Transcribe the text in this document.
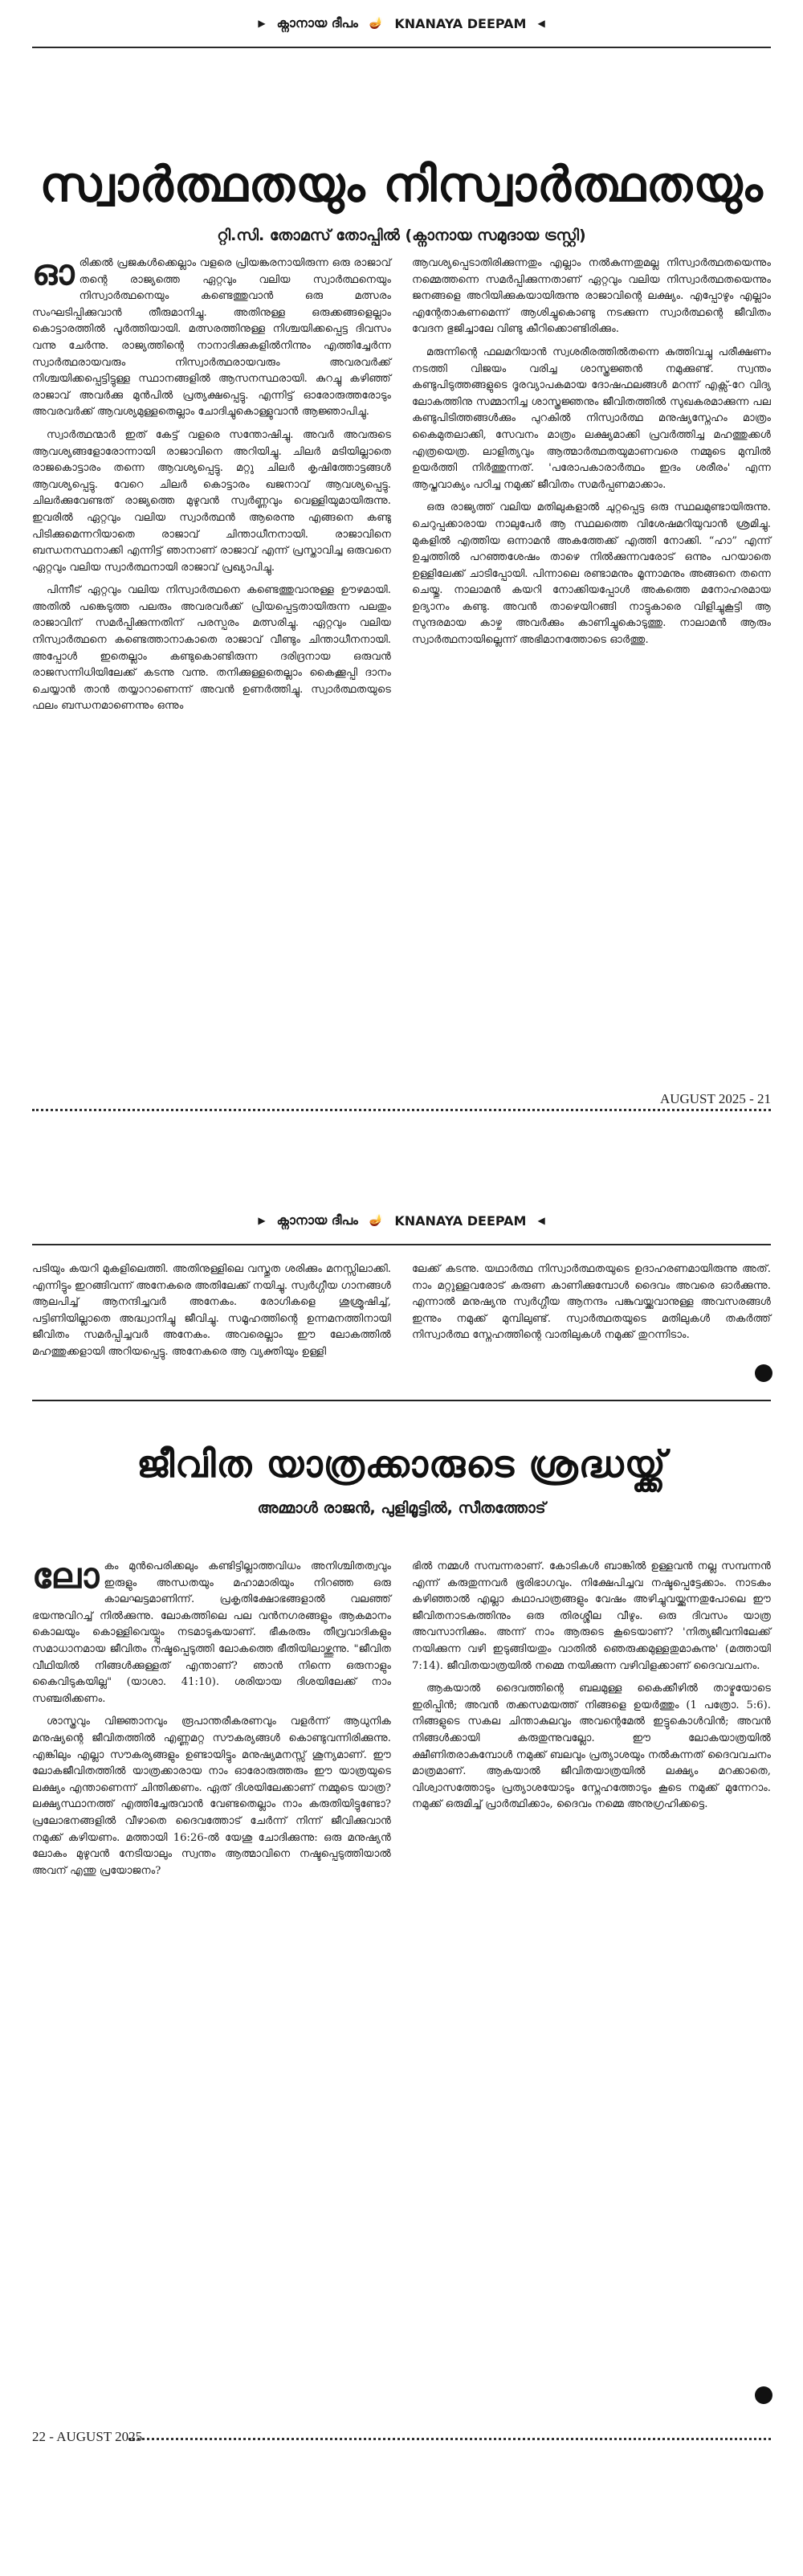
▶ ക്നാനായ ദീപം 🪔 KNANAYA DEEPAM ◀
സ്വാർത്ഥതയും നിസ്വാർത്ഥതയും
റ്റി.സി. തോമസ് തോപ്പിൽ (ക്നാനായ സമുദായ ട്രസ്റ്റി)

ഓരിക്കൽ പ്രജകൾക്കെല്ലാം വളരെ പ്രിയങ്കരനായിരുന്ന ഒരു രാജാവ് തന്റെ രാജ്യത്തെ ഏറ്റവും വലിയ സ്വാർത്ഥനെയും നിസ്വാർത്ഥനെയും കണ്ടെത്തുവാൻ ഒരു മത്സരം സംഘടിപ്പിക്കുവാൻ തീരുമാനിച്ചു. അതിനുള്ള ഒരുക്കങ്ങളെല്ലാം കൊട്ടാരത്തിൽ പൂർത്തിയായി. മത്സരത്തിനുള്ള നിശ്ചയിക്കപ്പെട്ട ദിവസം വന്നു ചേർന്നു. രാജ്യത്തിന്റെ നാനാദിക്കുകളിൽനിന്നും എത്തിച്ചേർന്ന സ്വാർത്ഥരായവരും നിസ്വാർത്ഥരായവരും അവരവർക്ക് നിശ്ചയിക്കപ്പെട്ടിട്ടുള്ള സ്ഥാനങ്ങളിൽ ആസനസ്ഥരായി. കുറച്ചു കഴിഞ്ഞ് രാജാവ് അവർക്കു മുൻപിൽ പ്രത്യക്ഷപ്പെട്ടു. എന്നിട്ട് ഓരോരുത്തരോടും അവരവർക്ക് ആവശ്യമുള്ളതെല്ലാം ചോദിച്ചുകൊള്ളുവാൻ ആജ്ഞാപിച്ചു.

സ്വാർത്ഥന്മാർ ഇത് കേട്ട് വളരെ സന്തോഷിച്ചു. അവർ അവരുടെ ആവശ്യങ്ങളോരോന്നായി രാജാവിനെ അറിയിച്ചു. ചിലർ മടിയില്ലാതെ രാജകൊട്ടാരം തന്നെ ആവശ്യപ്പെട്ടു. മറ്റു ചിലർ കൃഷിത്തോട്ടങ്ങൾ ആവശ്യപ്പെട്ടു. വേറെ ചിലർ കൊട്ടാരം ഖജനാവ് ആവശ്യപ്പെട്ടു. ചിലർക്കുവേണ്ടത് രാജ്യത്തെ മുഴുവൻ സ്വർണ്ണവും വെള്ളിയുമായിരുന്നു. ഇവരിൽ ഏറ്റവും വലിയ സ്വാർത്ഥൻ ആരെന്നു എങ്ങനെ കണ്ടു പിടിക്കുമെന്നറിയാതെ രാജാവ് ചിന്താധീനനായി. രാജാവിനെ ബന്ധനസ്ഥനാക്കി എന്നിട്ട് ഞാനാണ് രാജാവ് എന്ന് പ്രസ്താവിച്ച ഒരുവനെ ഏറ്റവും വലിയ സ്വാർത്ഥനായി രാജാവ് പ്രഖ്യാപിച്ചു.

പിന്നീട് ഏറ്റവും വലിയ നിസ്വാർത്ഥനെ കണ്ടെത്തുവാനുള്ള ഊഴമായി. അതിൽ പങ്കെടുത്ത പലരും അവരവർക്ക് പ്രിയപ്പെട്ടതായിരുന്ന പലതും രാജാവിന് സമർപ്പിക്കുന്നതിന് പരസ്പരം മത്സരിച്ചു. ഏറ്റവും വലിയ നിസ്വാർത്ഥനെ കണ്ടെത്താനാകാതെ രാജാവ് വീണ്ടും ചിന്താധീനനായി. അപ്പോൾ ഇതെല്ലാം കണ്ടുകൊണ്ടിരുന്ന ദരിദ്രനായ ഒരുവൻ രാജസന്നിധിയിലേക്ക് കടന്നു വന്നു. തനിക്കുള്ളതെല്ലാം കൈക്കൂപ്പി ദാനം ചെയ്യാൻ താൻ തയ്യാറാണെന്ന് അവൻ ഉണർത്തിച്ചു. സ്വാർത്ഥതയുടെ ഫലം ബന്ധനമാണെന്നും ഒന്നും

ആവശ്യപ്പെടാതിരിക്കുന്നതും എല്ലാം നൽകുന്നതുമല്ല നിസ്വാർത്ഥതയെന്നും നമ്മെത്തന്നെ സമർപ്പിക്കുന്നതാണ് ഏറ്റവും വലിയ നിസ്വാർത്ഥതയെന്നും ജനങ്ങളെ അറിയിക്കുകയായിരുന്നു രാജാവിന്റെ ലക്ഷ്യം. എപ്പോഴും എല്ലാം എന്റേതാകണമെന്ന് ആശിച്ചുകൊണ്ടു നടക്കുന്ന സ്വാർത്ഥന്റെ ജീവിതം വേദന ഭുജിച്ചാലേ വിണ്ടു കീറിക്കൊണ്ടിരിക്കും.

മരുന്നിന്റെ ഫലമറിയാൻ സ്വശരീരത്തിൽതന്നെ കുത്തിവച്ചു പരീക്ഷണം നടത്തി വിജയം വരിച്ച ശാസ്ത്രജ്ഞൻ നമുക്കുണ്ട്. സ്വന്തം കണ്ടുപിടുത്തങ്ങളുടെ ദൂരവ്യാപകമായ ദോഷഫലങ്ങൾ മറന്ന് എക്സ്-റേ വിദ്യ ലോകത്തിനു സമ്മാനിച്ച ശാസ്ത്രജ്ഞനും ജീവിതത്തിൽ സുഖകരമാക്കുന്ന പല കണ്ടുപിടിത്തങ്ങൾക്കും പുറകിൽ നിസ്വാർത്ഥ മനുഷ്യസ്നേഹം മാത്രം കൈമുതലാക്കി, സേവനം മാത്രം ലക്ഷ്യമാക്കി പ്രവർത്തിച്ച മഹത്തുക്കൾ എത്രയെത്ര. ലാളിത്യവും ആത്മാർത്ഥതയുമാണവരെ നമ്മുടെ മുമ്പിൽ ഉയർത്തി നിർത്തുന്നത്. 'പരോപകാരാർത്ഥം ഇദം ശരീരം' എന്ന ആപ്തവാക്യം പഠിച്ച നമുക്ക് ജീവിതം സമർപ്പണമാക്കാം.

ഒരു രാജ്യത്ത് വലിയ മതിലുകളാൽ ചുറ്റപ്പെട്ട ഒരു സ്ഥലമുണ്ടായിരുന്നു. ചെറുപ്പക്കാരായ നാലുപേർ ആ സ്ഥലത്തെ വിശേഷമറിയുവാൻ ശ്രമിച്ചു. മുകളിൽ എത്തിയ ഒന്നാമൻ അകത്തേക്ക് എത്തി നോക്കി. “ഹാ” എന്ന് ഉച്ചത്തിൽ പറഞ്ഞശേഷം താഴെ നിൽക്കുന്നവരോട് ഒന്നും പറയാതെ ഉള്ളിലേക്ക് ചാടിപ്പോയി. പിന്നാലെ രണ്ടാമനും മൂന്നാമനും അങ്ങനെ തന്നെ ചെയ്തു. നാലാമൻ കയറി നോക്കിയപ്പോൾ അകത്തെ മനോഹരമായ ഉദ്യാനം കണ്ടു. അവൻ താഴെയിറങ്ങി നാട്ടുകാരെ വിളിച്ചുകൂട്ടി ആ സുന്ദരമായ കാഴ്ച അവർക്കും കാണിച്ചുകൊടുത്തു. നാലാമൻ ആരും സ്വാർത്ഥനായില്ലെന്ന് അഭിമാനത്തോടെ ഓർത്തു.

AUGUST 2025 - 21
▶ ക്നാനായ ദീപം 🪔 KNANAYA DEEPAM ◀

പടിയും കയറി മുകളിലെത്തി. അതിനുള്ളിലെ വസ്തുത ശരിക്കും മനസ്സിലാക്കി. എന്നിട്ടും ഇറങ്ങിവന്ന് അനേകരെ അതിലേക്ക് നയിച്ചു. സ്വർഗ്ഗീയ ഗാനങ്ങൾ ആലപിച്ച് ആനന്ദിച്ചവർ അനേകം. രോഗികളെ ശുശ്രൂഷിച്ച്, പട്ടിണിയില്ലാതെ അദ്ധ്വാനിച്ചു ജീവിച്ചു. സമൂഹത്തിന്റെ ഉന്നമനത്തിനായി ജീവിതം സമർപ്പിച്ചവർ അനേകം. അവരെല്ലാം ഈ ലോകത്തിൽ മഹത്തുക്കളായി അറിയപ്പെട്ടു. അനേകരെ ആ വ്യക്തിയും ഉള്ളി

ലേക്ക് കടന്നു. യഥാർത്ഥ നിസ്വാർത്ഥതയുടെ ഉദാഹരണമായിരുന്നു അത്. നാം മറ്റുള്ളവരോട് കരുണ കാണിക്കുമ്പോൾ ദൈവം അവരെ ഓർക്കുന്നു. എന്നാൽ മനുഷ്യനു സ്വർഗ്ഗീയ ആനന്ദം പങ്കുവയ്ക്കുവാനുള്ള അവസരങ്ങൾ ഇന്നും നമുക്ക് മുമ്പിലുണ്ട്. സ്വാർത്ഥതയുടെ മതിലുകൾ തകർത്ത് നിസ്വാർത്ഥ സ്നേഹത്തിന്റെ വാതിലുകൾ നമുക്ക് തുറന്നിടാം.

ജീവിത യാത്രക്കാരുടെ ശ്രദ്ധയ്ക്ക്
അമ്മാൾ രാജൻ, പുളിമൂട്ടിൽ, സീതത്തോട്

ലോകം മുൻപെരിക്കലും കണ്ടിട്ടില്ലാത്തവിധം അനിശ്ചിതത്വവും ഇരുളും അന്ധതയും മഹാമാരിയും നിറഞ്ഞ ഒരു കാലഘട്ടമാണിന്ന്. പ്രകൃതിക്ഷോഭങ്ങളാൽ വലഞ്ഞ് ഭയന്നുവിറച്ച് നിൽക്കുന്നു. ലോകത്തിലെ പല വൻനഗരങ്ങളും ആകമാനം കൊലയും കൊള്ളിവെയ്പ്പും നടമാടുകയാണ്. ഭീകരരും തീവ്രവാദികളും സമാധാനമായ ജീവിതം നഷ്ടപ്പെടുത്തി ലോകത്തെ ഭീതിയിലാഴ്ത്തുന്നു. "ജീവിത വീഥിയിൽ നിങ്ങൾക്കുള്ളത് എന്താണ്? ഞാൻ നിന്നെ ഒരുനാളും കൈവിടുകയില്ല" (യാശാ. 41:10). ശരിയായ ദിശയിലേക്ക് നാം സഞ്ചരിക്കണം.

ശാസ്ത്രവും വിജ്ഞാനവും രൂപാന്തരീകരണവും വളർന്ന് ആധുനിക മനുഷ്യന്റെ ജീവിതത്തിൽ എണ്ണമറ്റ സൗകര്യങ്ങൾ കൊണ്ടുവന്നിരിക്കുന്നു. എങ്കിലും എല്ലാ സൗകര്യങ്ങളും ഉണ്ടായിട്ടും മനുഷ്യമനസ്സ് ശൂന്യമാണ്. ഈ ലോകജീവിതത്തിൽ യാത്രക്കാരായ നാം ഓരോരുത്തരും ഈ യാത്രയുടെ ലക്ഷ്യം എന്താണെന്ന് ചിന്തിക്കണം. ഏത് ദിശയിലേക്കാണ് നമ്മുടെ യാത്ര? ലക്ഷ്യസ്ഥാനത്ത് എത്തിച്ചേരുവാൻ വേണ്ടതെല്ലാം നാം കരുതിയിട്ടുണ്ടോ? പ്രലോഭനങ്ങളിൽ വീഴാതെ ദൈവത്തോട് ചേർന്ന് നിന്ന് ജീവിക്കുവാൻ നമുക്ക് കഴിയണം. മത്തായി 16:26-ൽ യേശു ചോദിക്കുന്നു: ഒരു മനുഷ്യൻ ലോകം മുഴുവൻ നേടിയാലും സ്വന്തം ആത്മാവിനെ നഷ്ടപ്പെടുത്തിയാൽ അവന് എന്തു പ്രയോജനം?

ഭിൽ നമ്മൾ സമ്പന്നരാണ്. കോടികൾ ബാങ്കിൽ ഉള്ളവൻ നല്ല സമ്പന്നൻ എന്ന് കരുതുന്നവർ ഭൂരിഭാഗവും. നിക്ഷേപിച്ചവ നഷ്ടപ്പെട്ടേക്കാം. നാടകം കഴിഞ്ഞാൽ എല്ലാ കഥാപാത്രങ്ങളും വേഷം അഴിച്ചുവയ്ക്കുന്നതുപോലെ ഈ ജീവിതനാടകത്തിനും ഒരു തിരശ്ശീല വീഴും. ഒരു ദിവസം യാത്ര അവസാനിക്കും. അന്ന് നാം ആരുടെ കൂടെയാണ്? 'നിത്യജീവനിലേക്ക് നയിക്കുന്ന വഴി ഇടുങ്ങിയതും വാതിൽ ഞെരുക്കമുള്ളതുമാകുന്നു' (മത്തായി 7:14). ജീവിതയാത്രയിൽ നമ്മെ നയിക്കുന്ന വഴിവിളക്കാണ് ദൈവവചനം.

ആകയാൽ ദൈവത്തിന്റെ ബലമുള്ള കൈക്കീഴിൽ താഴ്മയോടെ ഇരിപ്പിൻ; അവൻ തക്കസമയത്ത് നിങ്ങളെ ഉയർത്തും (1 പത്രോ. 5:6). നിങ്ങളുടെ സകല ചിന്താകുലവും അവന്റെമേൽ ഇട്ടുകൊൾവിൻ; അവൻ നിങ്ങൾക്കായി കരുതുന്നുവല്ലോ. ഈ ലോകയാത്രയിൽ ക്ഷീണിതരാകുമ്പോൾ നമുക്ക് ബലവും പ്രത്യാശയും നൽകുന്നത് ദൈവവചനം മാത്രമാണ്. ആകയാൽ ജീവിതയാത്രയിൽ ലക്ഷ്യം മറക്കാതെ, വിശ്വാസത്തോടും പ്രത്യാശയോടും സ്നേഹത്തോടും കൂടെ നമുക്ക് മുന്നേറാം. നമുക്ക് ഒരുമിച്ച് പ്രാർത്ഥിക്കാം, ദൈവം നമ്മെ അനുഗ്രഹിക്കട്ടെ.

22 - AUGUST 2025
